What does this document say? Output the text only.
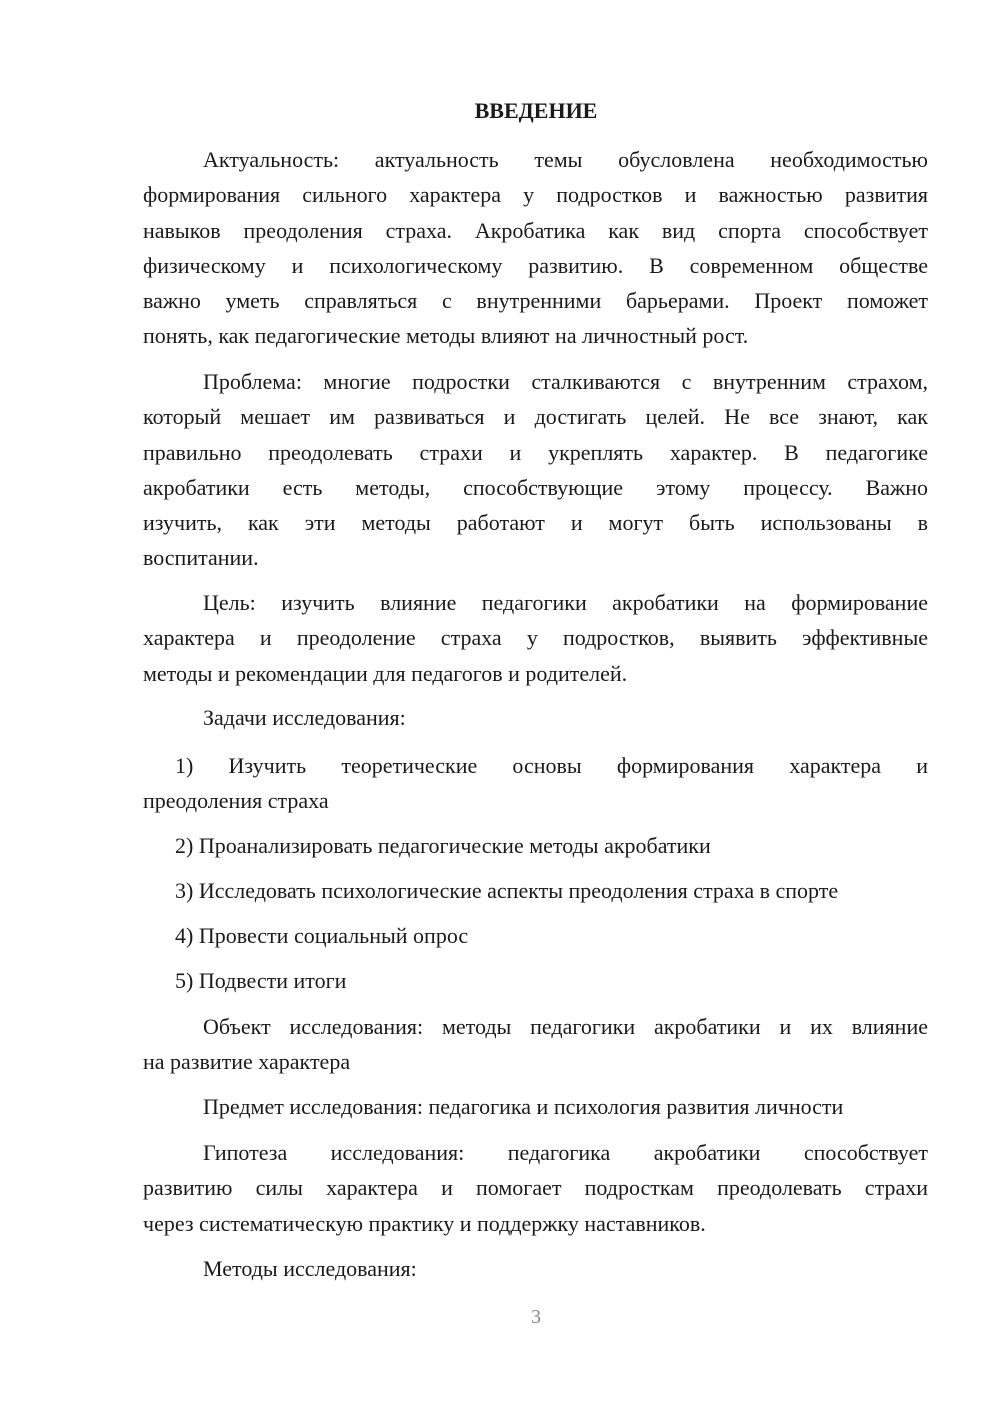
ВВЕДЕНИЕ
Актуальность: актуальность темы обусловлена необходимостью
формирования сильного характера у подростков и важностью развития
навыков преодоления страха. Акробатика как вид спорта способствует
физическому и психологическому развитию. В современном обществе
важно уметь справляться с внутренними барьерами. Проект поможет
понять, как педагогические методы влияют на личностный рост.
Проблема: многие подростки сталкиваются с внутренним страхом,
который мешает им развиваться и достигать целей. Не все знают, как
правильно преодолевать страхи и укреплять характер. В педагогике
акробатики есть методы, способствующие этому процессу. Важно
изучить, как эти методы работают и могут быть использованы в
воспитании.
Цель: изучить влияние педагогики акробатики на формирование
характера и преодоление страха у подростков, выявить эффективные
методы и рекомендации для педагогов и родителей.
Задачи исследования:
1) Изучить теоретические основы формирования характера и
преодоления страха
2) Проанализировать педагогические методы акробатики
3) Исследовать психологические аспекты преодоления страха в спорте
4) Провести социальный опрос
5) Подвести итоги
Объект исследования: методы педагогики акробатики и их влияние
на развитие характера
Предмет исследования: педагогика и психология развития личности
Гипотеза исследования: педагогика акробатики способствует
развитию силы характера и помогает подросткам преодолевать страхи
через систематическую практику и поддержку наставников.
Методы исследования:
3
